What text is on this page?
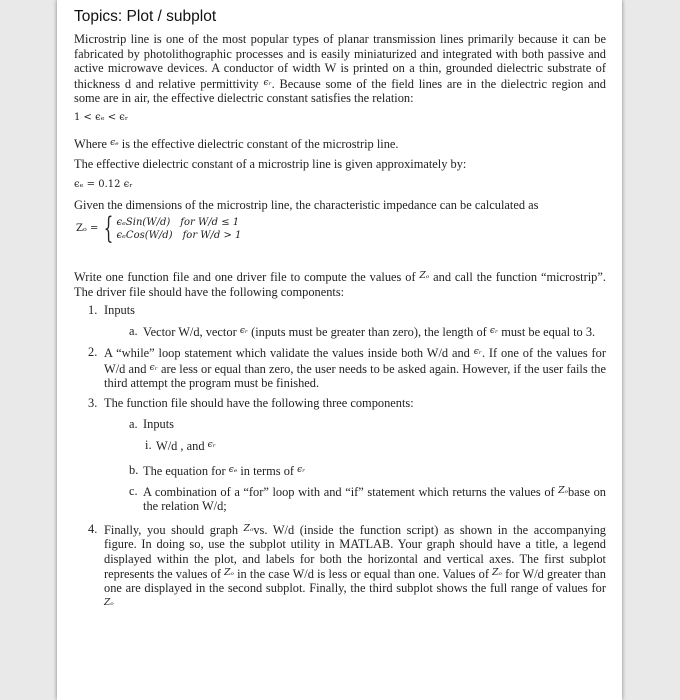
Topics: Plot / subplot

Microstrip line is one of the most popular types of planar transmission lines primarily because it can be fabricated by photolithographic processes and is easily miniaturized and integrated with both passive and active microwave devices. A conductor of width W is printed on a thin, grounded dielectric substrate of thickness d and relative permittivity $^{\epsilon ᵣ}$. Because some of the field lines are in the dielectric region and some are in air, the effective dielectric constant satisfies the relation:

1 < ϵₑ < ϵᵣ

Where $^{\epsilon_e}$ is the effective dielectric constant of the microstrip line.

The effective dielectric constant of a microstrip line is given approximately by:

ϵₑ = 0.12 ϵᵣ

Given the dimensions of the microstrip line, the characteristic impedance can be calculated as

Zₒ = { ϵₑSin(W/d) for W/d ≤ 1
ϵₑCos(W/d) for W/d > 1

Write one function file and one driver file to compute the values of $^{Z_o}$ and call the function “microstrip”. The driver file should have the following components:

1. Inputs
a. Vector W/d, vector $^{\epsilon ᵣ}$ (inputs must be greater than zero), the length of $^{\epsilon ᵣ}$ must be equal to 3.
2. A “while” loop statement which validate the values inside both W/d and $^{\epsilon ᵣ}$. If one of the values for W/d and $^{\epsilon ᵣ}$ are less or equal than zero, the user needs to be asked again. However, if the user fails the third attempt the program must be finished.
3. The function file should have the following three components:
a. Inputs
i. W/d , and $^{\epsilon ᵣ}$
b. The equation for $^{\epsilon_e}$ in terms of $^{\epsilon ᵣ}$
c. A combination of a “for” loop with and “if” statement which returns the values of $^{Z_o}$base on the relation W/d;
4. Finally, you should graph $^{Z_o}$vs. W/d (inside the function script) as shown in the accompanying figure. In doing so, use the subplot utility in MATLAB. Your graph should have a title, a legend displayed within the plot, and labels for both the horizontal and vertical axes. The first subplot represents the values of $^{Z_o}$ in the case W/d is less or equal than one. Values of $^{Z_o}$ for W/d greater than one are displayed in the second subplot. Finally, the third subplot shows the full range of values for $^{Z_o}$
